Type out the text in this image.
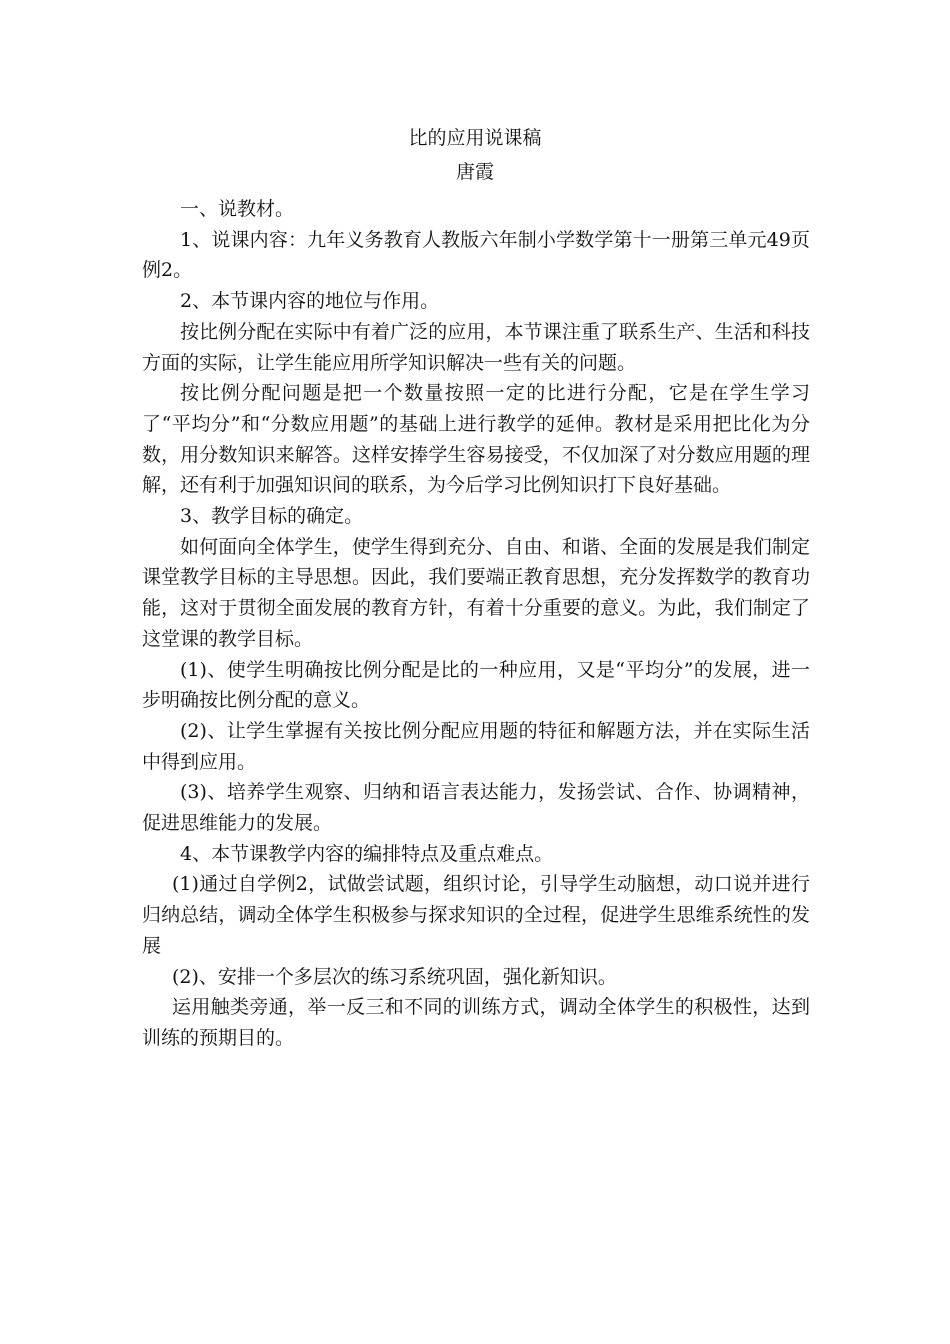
比的应用说课稿
唐霞

一、说教材。

1、说课内容：九年义务教育人教版六年制小学数学第十一册第三单元49页例2。

2、本节课内容的地位与作用。

按比例分配在实际中有着广泛的应用，本节课注重了联系生产、生活和科技方面的实际，让学生能应用所学知识解决一些有关的问题。

按比例分配问题是把一个数量按照一定的比进行分配，它是在学生学习了“平均分”和“分数应用题”的基础上进行教学的延伸。教材是采用把比化为分数，用分数知识来解答。这样安捧学生容易接受，不仅加深了对分数应用题的理解，还有利于加强知识间的联系，为今后学习比例知识打下良好基础。

3、教学目标的确定。

如何面向全体学生，使学生得到充分、自由、和谐、全面的发展是我们制定课堂教学目标的主导思想。因此，我们要端正教育思想，充分发挥数学的教育功能，这对于贯彻全面发展的教育方针，有着十分重要的意义。为此，我们制定了这堂课的教学目标。

(1)、使学生明确按比例分配是比的一种应用，又是“平均分”的发展，进一步明确按比例分配的意义。

(2)、让学生掌握有关按比例分配应用题的特征和解题方法，并在实际生活中得到应用。

(3)、培养学生观察、归纳和语言表达能力，发扬尝试、合作、协调精神，促进思维能力的发展。

4、本节课教学内容的编排特点及重点难点。

(1)通过自学例2，试做尝试题，组织讨论，引导学生动脑想，动口说并进行归纳总结，调动全体学生积极参与探求知识的全过程，促进学生思维系统性的发展

(2)、安排一个多层次的练习系统巩固，强化新知识。

运用触类旁通，举一反三和不同的训练方式，调动全体学生的积极性，达到训练的预期目的。
